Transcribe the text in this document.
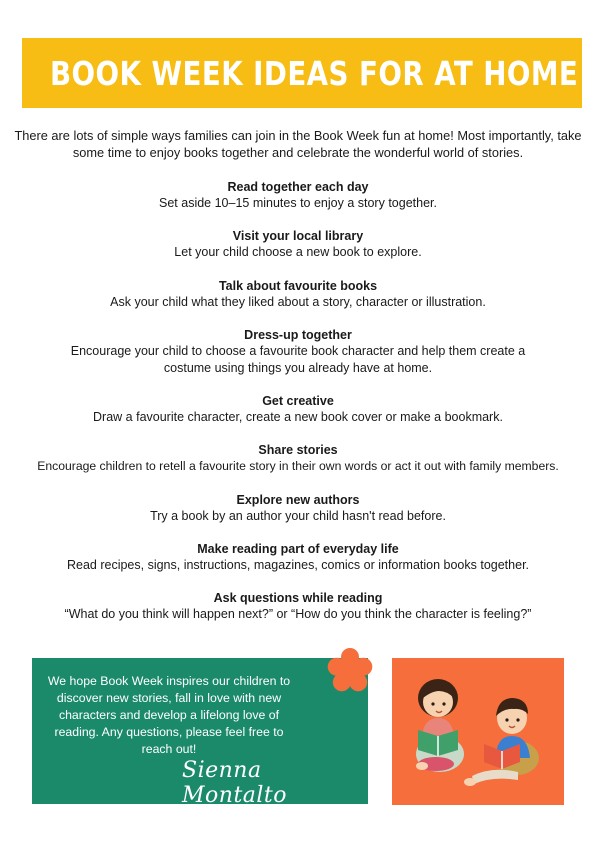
BOOK WEEK IDEAS FOR AT HOME
There are lots of simple ways families can join in the Book Week fun at home! Most importantly, take some time to enjoy books together and celebrate the wonderful world of stories.
Read together each day
Set aside 10–15 minutes to enjoy a story together.
Visit your local library
Let your child choose a new book to explore.
Talk about favourite books
Ask your child what they liked about a story, character or illustration.
Dress-up together
Encourage your child to choose a favourite book character and help them create a costume using things you already have at home.
Get creative
Draw a favourite character, create a new book cover or make a bookmark.
Share stories
Encourage children to retell a favourite story in their own words or act it out with family members.
Explore new authors
Try a book by an author your child hasn't read before.
Make reading part of everyday life
Read recipes, signs, instructions, magazines, comics or information books together.
Ask questions while reading
“What do you think will happen next?” or “How do you think the character is feeling?”
We hope Book Week inspires our children to discover new stories, fall in love with new characters and develop a lifelong love of reading. Any questions, please feel free to reach out!
Sienna Montalto
